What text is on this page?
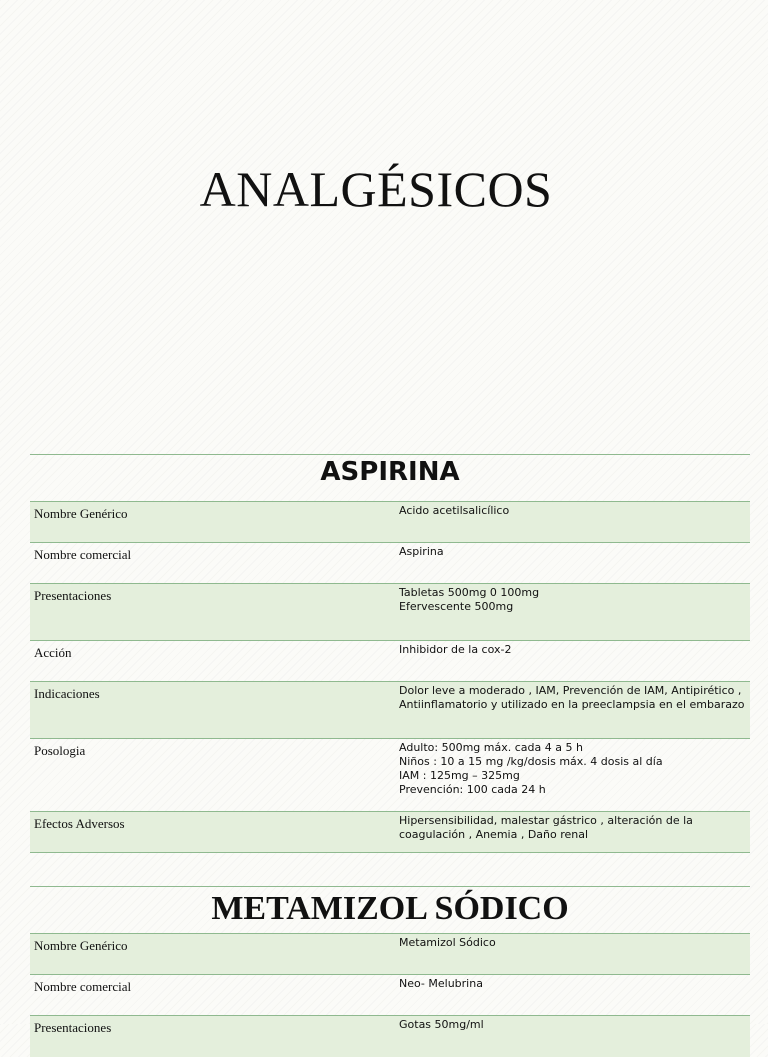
ANALGÉSICOS
ASPIRINA
Nombre Genérico	Acido acetilsalicílico
Nombre comercial	Aspirina
Presentaciones	Tabletas 500mg 0 100mg
Efervescente 500mg
Acción	Inhibidor de la cox-2
Indicaciones	Dolor leve a moderado , IAM, Prevención de IAM, Antipirético , Antiinflamatorio y utilizado en la preeclampsia en el embarazo
Posologia	Adulto: 500mg máx. cada 4 a 5 h
Niños : 10 a 15 mg /kg/dosis máx. 4 dosis al día
IAM : 125mg – 325mg
Prevención: 100 cada 24 h
Efectos Adversos	Hipersensibilidad, malestar gástrico , alteración de la coagulación , Anemia , Daño renal
METAMIZOL SÓDICO
Nombre Genérico	Metamizol Sódico
Nombre comercial	Neo- Melubrina
Presentaciones	Gotas 50mg/ml
